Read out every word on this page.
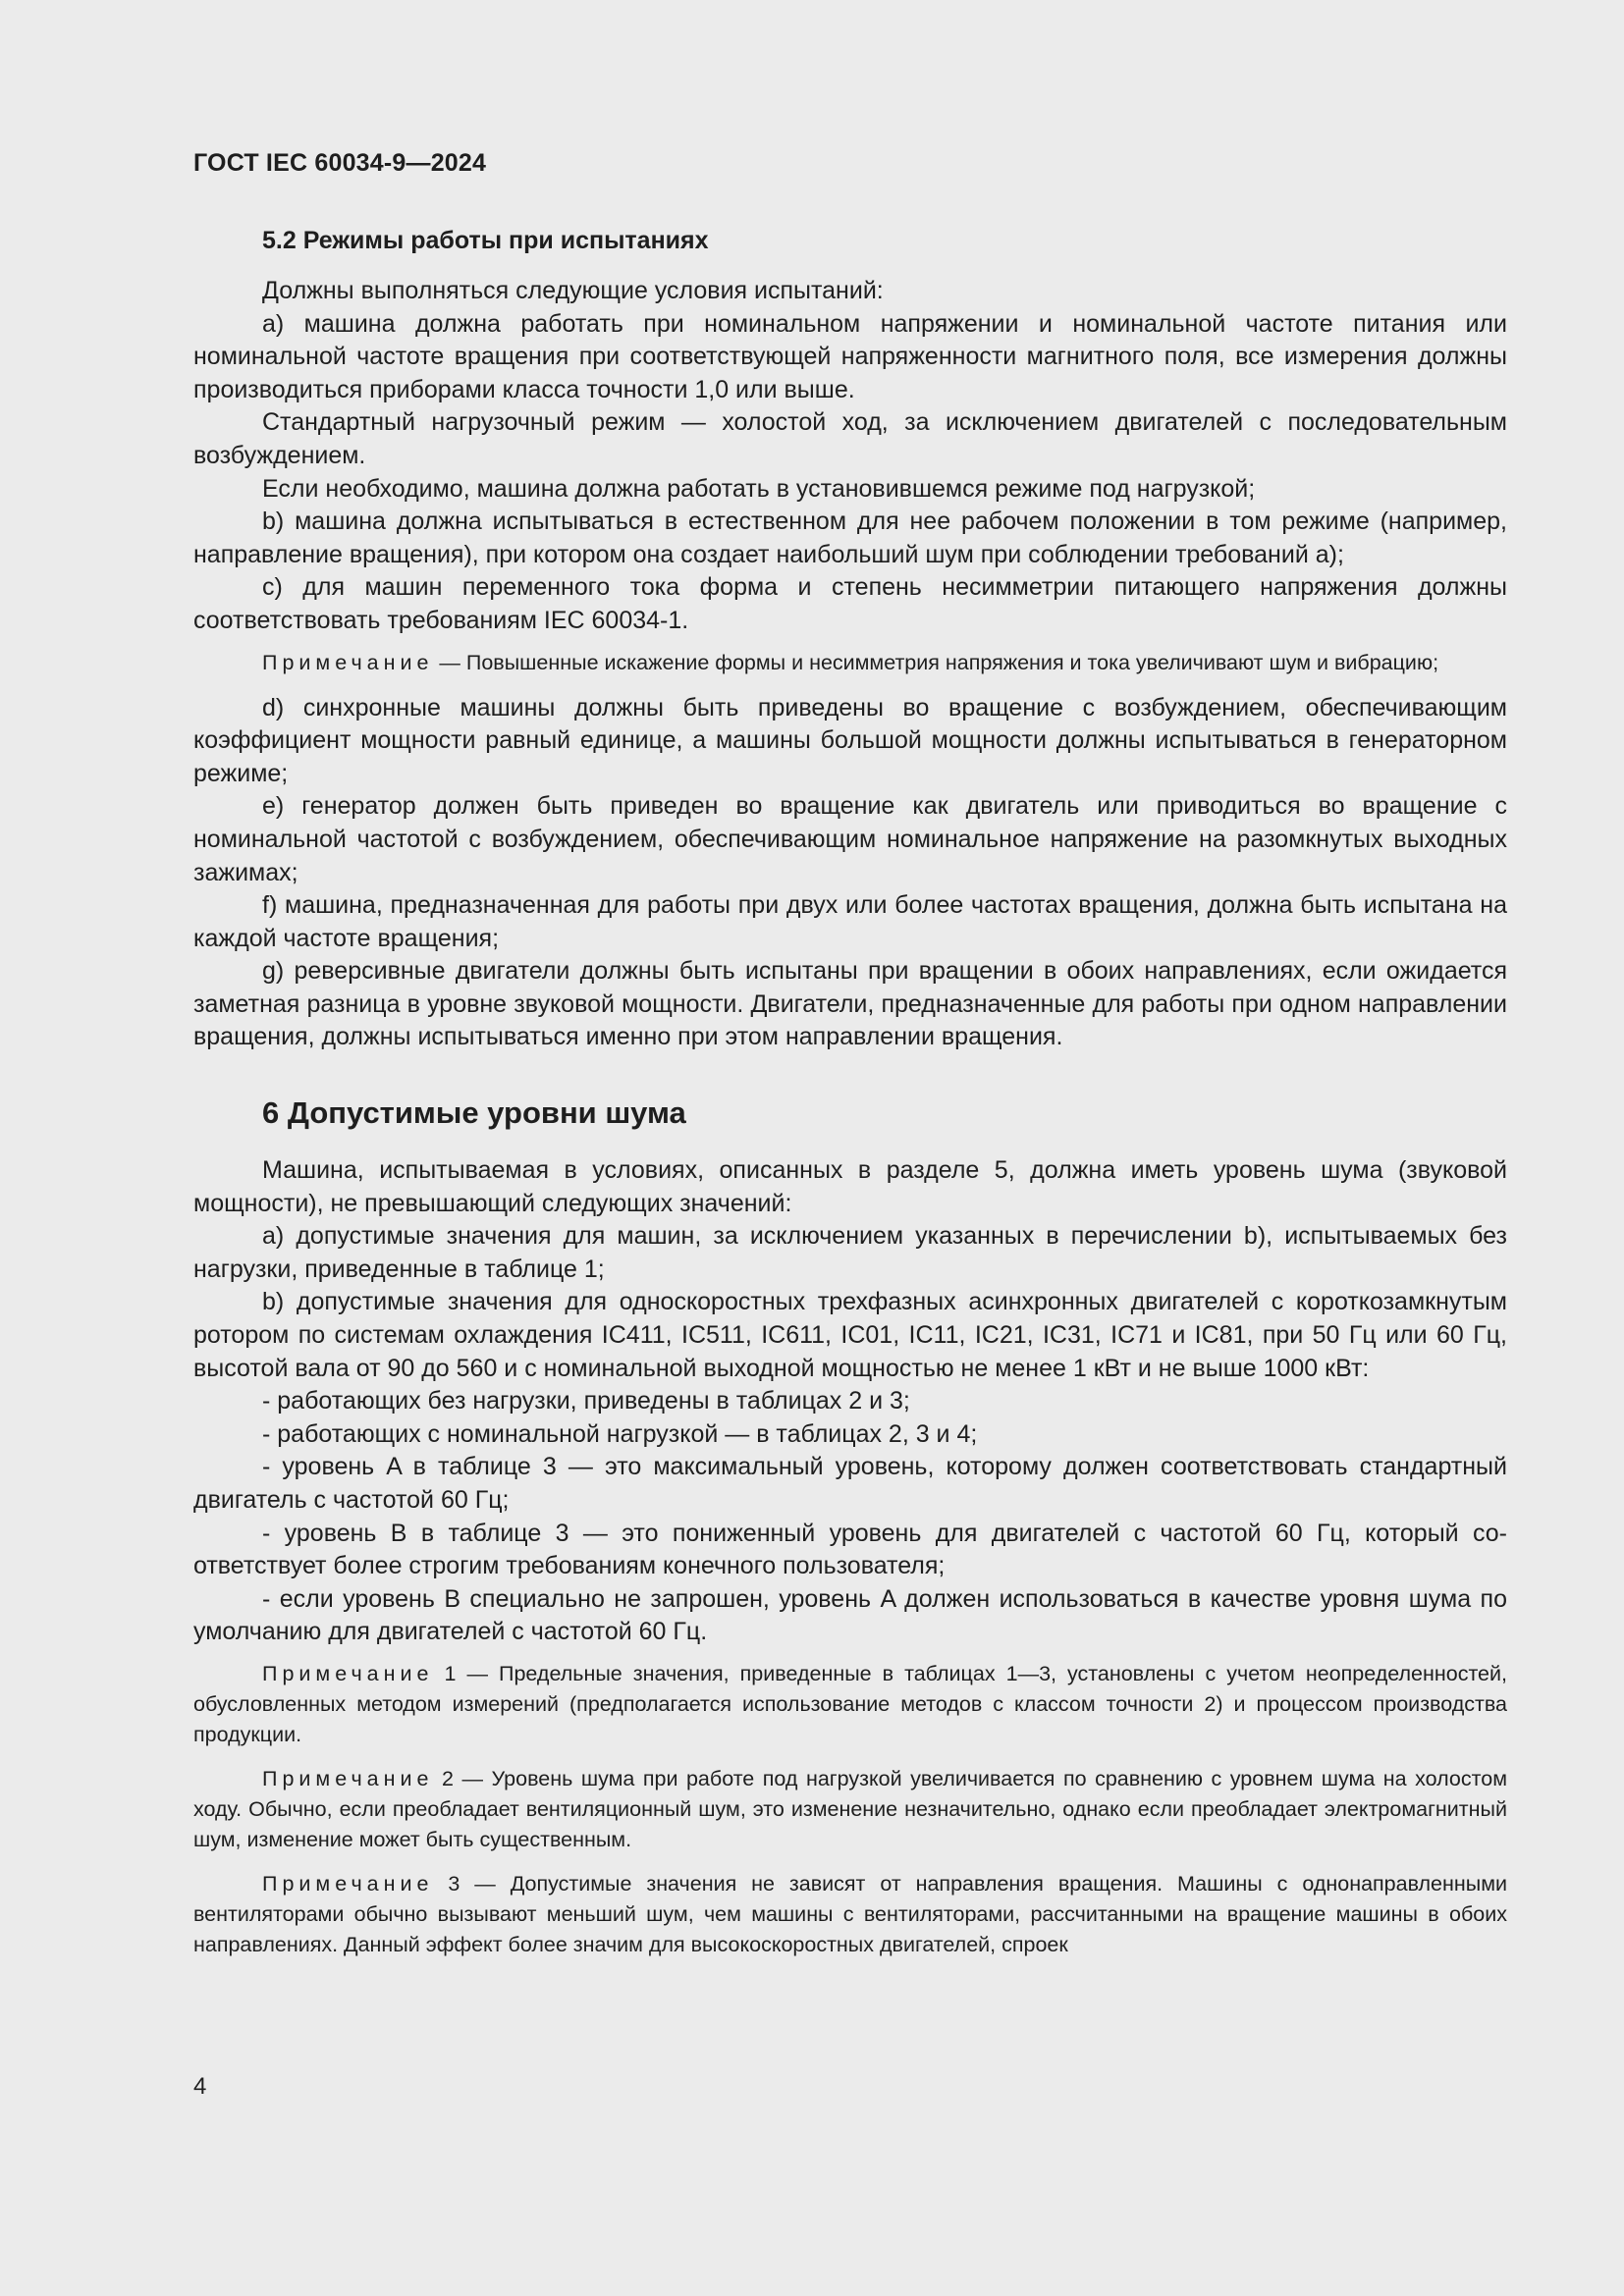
ГОСТ IEC 60034-9—2024
5.2 Режимы работы при испытаниях

Должны выполняться следующие условия испытаний:

a) машина должна работать при номинальном напряжении и номинальной частоте питания или номинальной частоте вращения при соответствующей напряженности магнитного поля, все измерения должны производиться приборами класса точности 1,0 или выше.

Стандартный нагрузочный режим — холостой ход, за исключением двигателей с последовательным возбуждением.

Если необходимо, машина должна работать в установившемся режиме под нагрузкой;

b) машина должна испытываться в естественном для нее рабочем положении в том режиме (например, направление вращения), при котором она создает наибольший шум при соблюдении требований a);

c) для машин переменного тока форма и степень несимметрии питающего напряжения должны соответствовать требованиям IEC 60034-1.

Примечание — Повышенные искажение формы и несимметрия напряжения и тока увеличивают шум и вибрацию;

d) синхронные машины должны быть приведены во вращение с возбуждением, обеспечивающим коэффициент мощности равный единице, а машины большой мощности должны испытываться в генераторном режиме;

e) генератор должен быть приведен во вращение как двигатель или приводиться во вращение с номинальной частотой с возбуждением, обеспечивающим номинальное напряжение на разомкнутых выходных зажимах;

f) машина, предназначенная для работы при двух или более частотах вращения, должна быть испытана на каждой частоте вращения;

g) реверсивные двигатели должны быть испытаны при вращении в обоих направлениях, если ожидается заметная разница в уровне звуковой мощности. Двигатели, предназначенные для работы при одном направлении вращения, должны испытываться именно при этом направлении вращения.

6 Допустимые уровни шума

Машина, испытываемая в условиях, описанных в разделе 5, должна иметь уровень шума (звуковой мощности), не превышающий следующих значений:

a) допустимые значения для машин, за исключением указанных в перечислении b), испытываемых без нагрузки, приведенные в таблице 1;

b) допустимые значения для односкоростных трехфазных асинхронных двигателей с короткозамкнутым ротором по системам охлаждения IC411, IC511, IC611, IC01, IC11, IC21, IC31, IC71 и IC81, при 50 Гц или 60 Гц, высотой вала от 90 до 560 и с номинальной выходной мощностью не менее 1 кВт и не выше 1000 кВт:

- работающих без нагрузки, приведены в таблицах 2 и 3;

- работающих с номинальной нагрузкой — в таблицах 2, 3 и 4;

- уровень A в таблице 3 — это максимальный уровень, которому должен соответствовать стандартный двигатель с частотой 60 Гц;

- уровень B в таблице 3 — это пониженный уровень для двигателей с частотой 60 Гц, который соответствует более строгим требованиям конечного пользователя;

- если уровень B специально не запрошен, уровень A должен использоваться в качестве уровня шума по умолчанию для двигателей с частотой 60 Гц.

Примечание 1 — Предельные значения, приведенные в таблицах 1—3, установлены с учетом неопределенностей, обусловленных методом измерений (предполагается использование методов с классом точности 2) и процессом производства продукции.

Примечание 2 — Уровень шума при работе под нагрузкой увеличивается по сравнению с уровнем шума на холостом ходу. Обычно, если преобладает вентиляционный шум, это изменение незначительно, однако если преобладает электромагнитный шум, изменение может быть существенным.

Примечание 3 — Допустимые значения не зависят от направления вращения. Машины с однонаправленными вентиляторами обычно вызывают меньший шум, чем машины с вентиляторами, рассчитанными на вращение машины в обоих направлениях. Данный эффект более значим для высокоскоростных двигателей, спроек

4
